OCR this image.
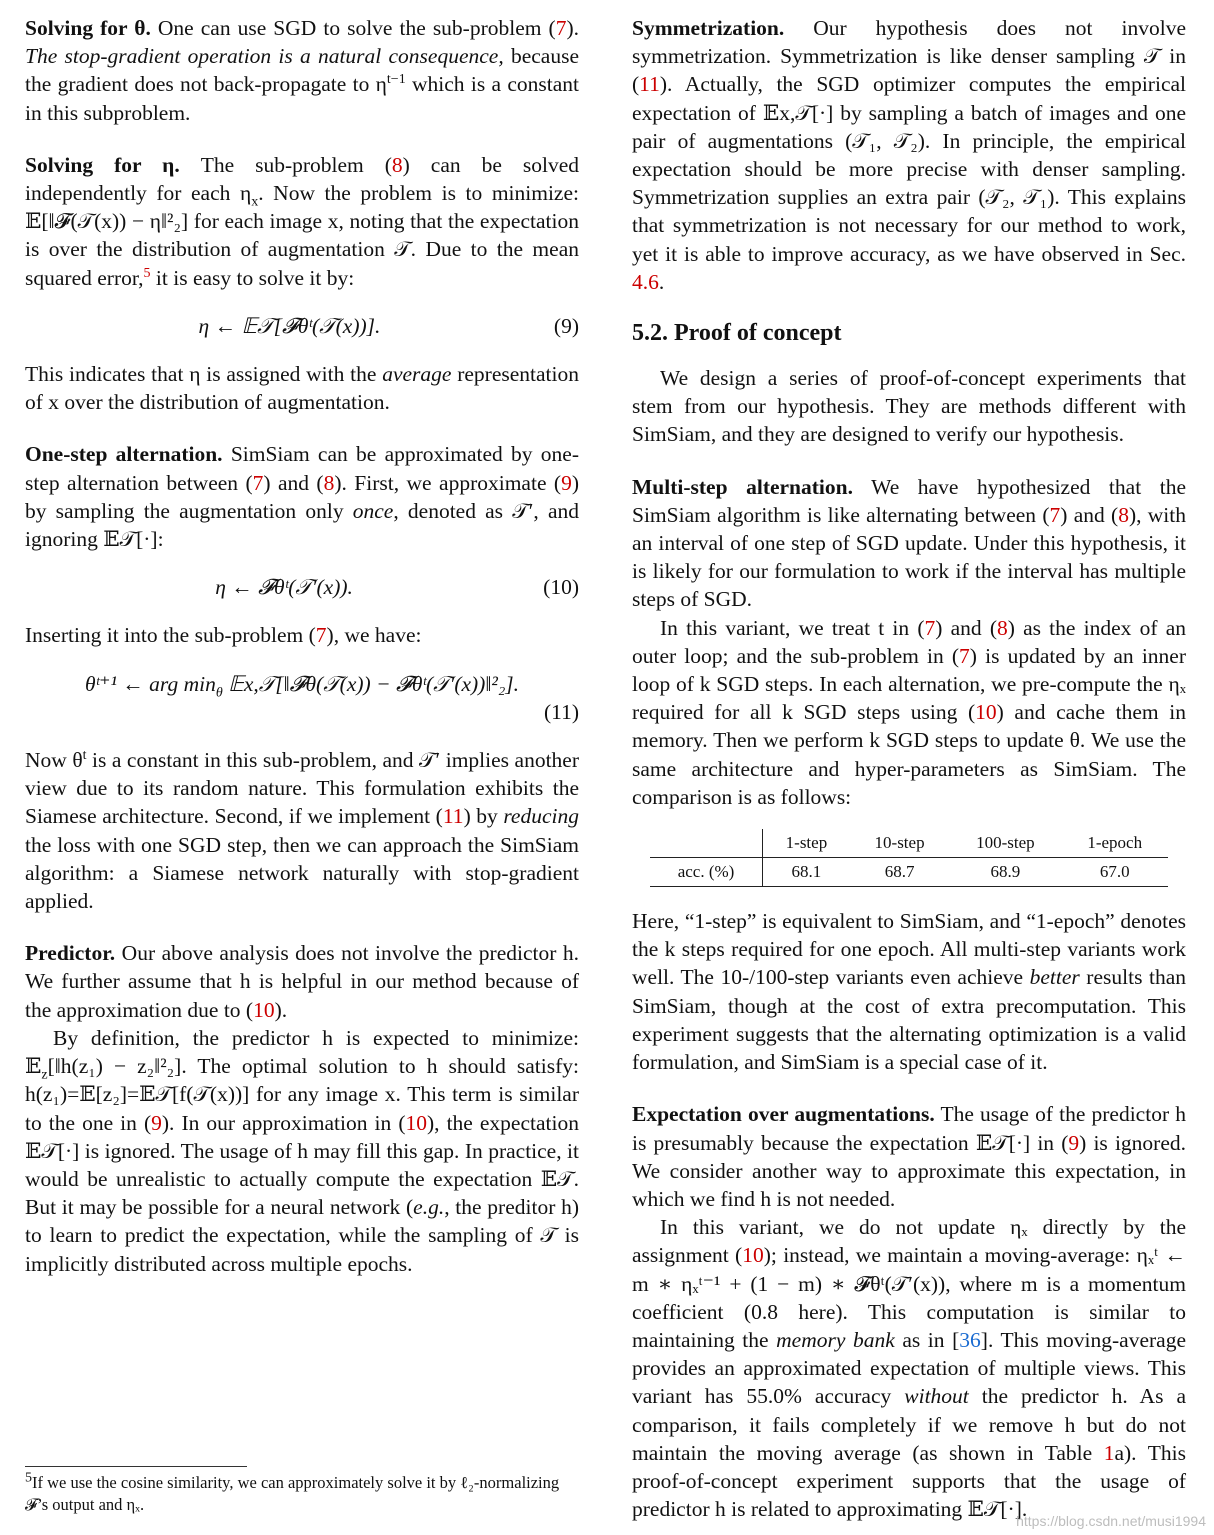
Solving for θ. One can use SGD to solve the sub-problem (7). The stop-gradient operation is a natural consequence, because the gradient does not back-propagate to $\eta^{t-1}$ which is a constant in this subproblem.

Solving for η. The sub-problem (8) can be solved independently for each $\eta_x$. Now the problem is to minimize: 𝔼[‖𝓕(𝒯(x)) − η‖²₂] for each image x, noting that the expectation is over the distribution of augmentation 𝒯. Due to the mean squared error,$^5$ it is easy to solve it by:

η ← 𝔼𝒯[𝓕θᵗ(𝒯(x))].	(9)

This indicates that η is assigned with the average representation of x over the distribution of augmentation.

One-step alternation. SimSiam can be approximated by one-step alternation between (7) and (8). First, we approximate (9) by sampling the augmentation only once, denoted as 𝒯′, and ignoring 𝔼𝒯[·]:

η ← 𝓕θᵗ(𝒯′(x)).	(10)

Inserting it into the sub-problem (7), we have:

θᵗ⁺¹ ← arg $\min_\theta$ 𝔼x,𝒯[‖𝓕θ(𝒯(x)) − 𝓕θᵗ(𝒯′(x))‖²₂].
(11)

Now $\theta^t$ is a constant in this sub-problem, and 𝒯′ implies another view due to its random nature. This formulation exhibits the Siamese architecture. Second, if we implement (11) by reducing the loss with one SGD step, then we can approach the SimSiam algorithm: a Siamese network naturally with stop-gradient applied.

Predictor. Our above analysis does not involve the predictor h. We further assume that h is helpful in our method because of the approximation due to (10).

By definition, the predictor h is expected to minimize: 𝔼$_z$[‖h(z₁) − z₂‖²₂]. The optimal solution to h should satisfy: h(z₁)=𝔼[z₂]=𝔼𝒯[f(𝒯(x))] for any image x. This term is similar to the one in (9). In our approximation in (10), the expectation 𝔼𝒯[·] is ignored. The usage of h may fill this gap. In practice, it would be unrealistic to actually compute the expectation 𝔼𝒯. But it may be possible for a neural network (e.g., the preditor h) to learn to predict the expectation, while the sampling of 𝒯 is implicitly distributed across multiple epochs.

$^5$If we use the cosine similarity, we can approximately solve it by ℓ₂-normalizing 𝓕’s output and ηₓ.

Symmetrization. Our hypothesis does not involve symmetrization. Symmetrization is like denser sampling 𝒯 in (11). Actually, the SGD optimizer computes the empirical expectation of 𝔼x,𝒯[·] by sampling a batch of images and one pair of augmentations (𝒯₁, 𝒯₂). In principle, the empirical expectation should be more precise with denser sampling. Symmetrization supplies an extra pair (𝒯₂, 𝒯₁). This explains that symmetrization is not necessary for our method to work, yet it is able to improve accuracy, as we have observed in Sec. 4.6.

5.2. Proof of concept

We design a series of proof-of-concept experiments that stem from our hypothesis. They are methods different with SimSiam, and they are designed to verify our hypothesis.

Multi-step alternation. We have hypothesized that the SimSiam algorithm is like alternating between (7) and (8), with an interval of one step of SGD update. Under this hypothesis, it is likely for our formulation to work if the interval has multiple steps of SGD.

In this variant, we treat t in (7) and (8) as the index of an outer loop; and the sub-problem in (7) is updated by an inner loop of k SGD steps. In each alternation, we pre-compute the ηₓ required for all k SGD steps using (10) and cache them in memory. Then we perform k SGD steps to update θ. We use the same architecture and hyper-parameters as SimSiam. The comparison is as follows:

	1-step	10-step	100-step	1-epoch
acc. (%)	68.1	68.7	68.9	67.0

Here, “1-step” is equivalent to SimSiam, and “1-epoch” denotes the k steps required for one epoch. All multi-step variants work well. The 10-/100-step variants even achieve better results than SimSiam, though at the cost of extra precomputation. This experiment suggests that the alternating optimization is a valid formulation, and SimSiam is a special case of it.

Expectation over augmentations. The usage of the predictor h is presumably because the expectation 𝔼𝒯[·] in (9) is ignored. We consider another way to approximate this expectation, in which we find h is not needed.

In this variant, we do not update ηₓ directly by the assignment (10); instead, we maintain a moving-average: ηₓᵗ ← m ∗ ηₓᵗ⁻¹ + (1 − m) ∗ 𝓕θᵗ(𝒯′(x)), where m is a momentum coefficient (0.8 here). This computation is similar to maintaining the memory bank as in [36]. This moving-average provides an approximated expectation of multiple views. This variant has 55.0% accuracy without the predictor h. As a comparison, it fails completely if we remove h but do not maintain the moving average (as shown in Table 1a). This proof-of-concept experiment supports that the usage of predictor h is related to approximating 𝔼𝒯[·].

https://blog.csdn.net/musi1994
